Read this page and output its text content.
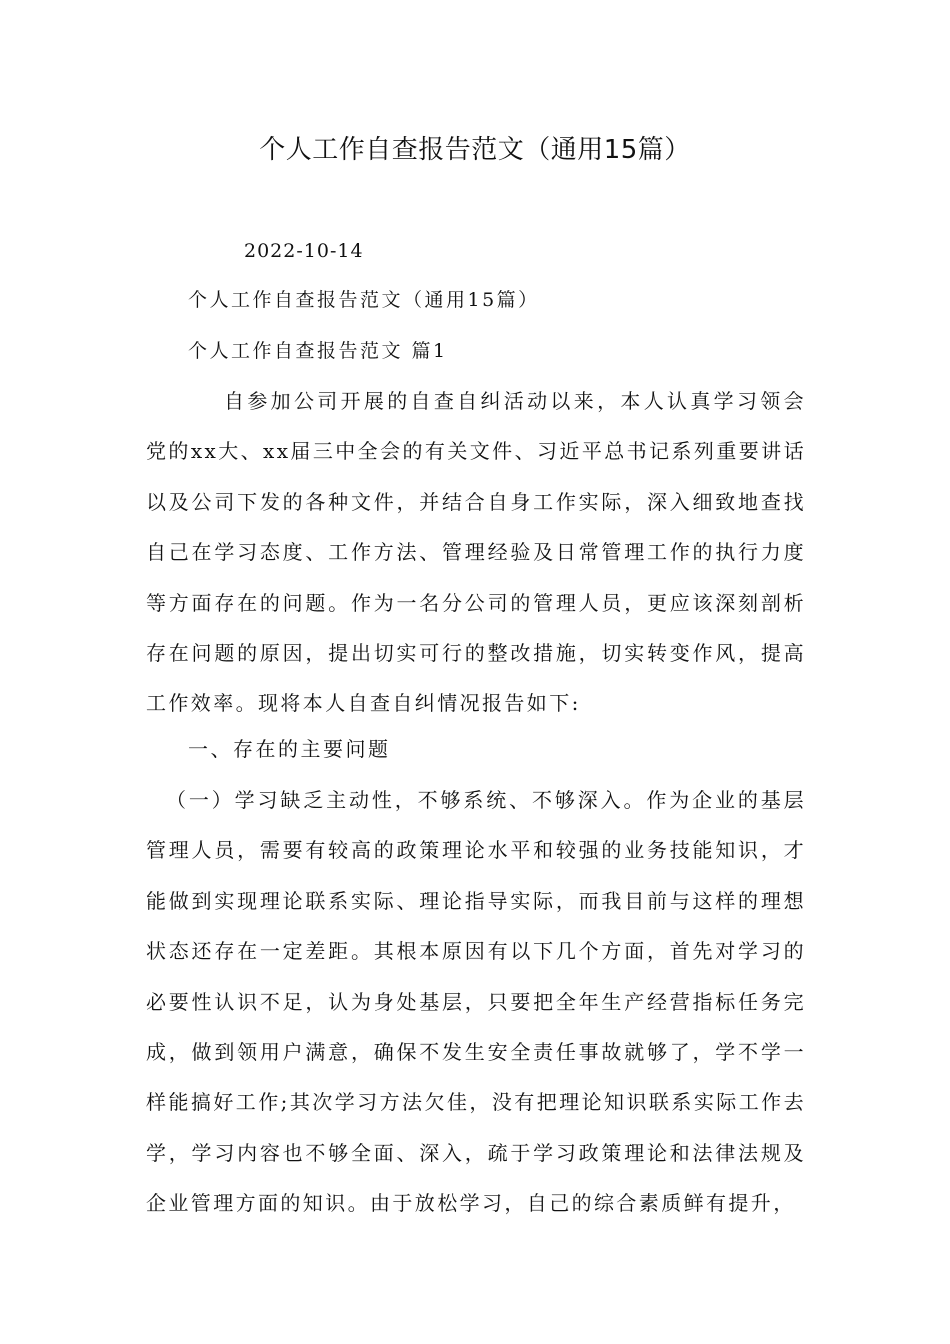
个人工作自查报告范文（通用15篇）
2022-10-14
个人工作自查报告范文（通用15篇）
个人工作自查报告范文 篇1

自参加公司开展的自查自纠活动以来，本人认真学习领会党的xx大、xx届三中全会的有关文件、习近平总书记系列重要讲话以及公司下发的各种文件，并结合自身工作实际，深入细致地查找自己在学习态度、工作方法、管理经验及日常管理工作的执行力度等方面存在的问题。作为一名分公司的管理人员，更应该深刻剖析存在问题的原因，提出切实可行的整改措施，切实转变作风，提高工作效率。现将本人自查自纠情况报告如下:

一、存在的主要问题

（一）学习缺乏主动性，不够系统、不够深入。作为企业的基层管理人员，需要有较高的政策理论水平和较强的业务技能知识，才能做到实现理论联系实际、理论指导实际，而我目前与这样的理想状态还存在一定差距。其根本原因有以下几个方面，首先对学习的必要性认识不足，认为身处基层，只要把全年生产经营指标任务完成，做到领用户满意，确保不发生安全责任事故就够了，学不学一样能搞好工作;其次学习方法欠佳，没有把理论知识联系实际工作去学，学习内容也不够全面、深入，疏于学习政策理论和法律法规及企业管理方面的知识。由于放松学习，自己的综合素质鲜有提升，
